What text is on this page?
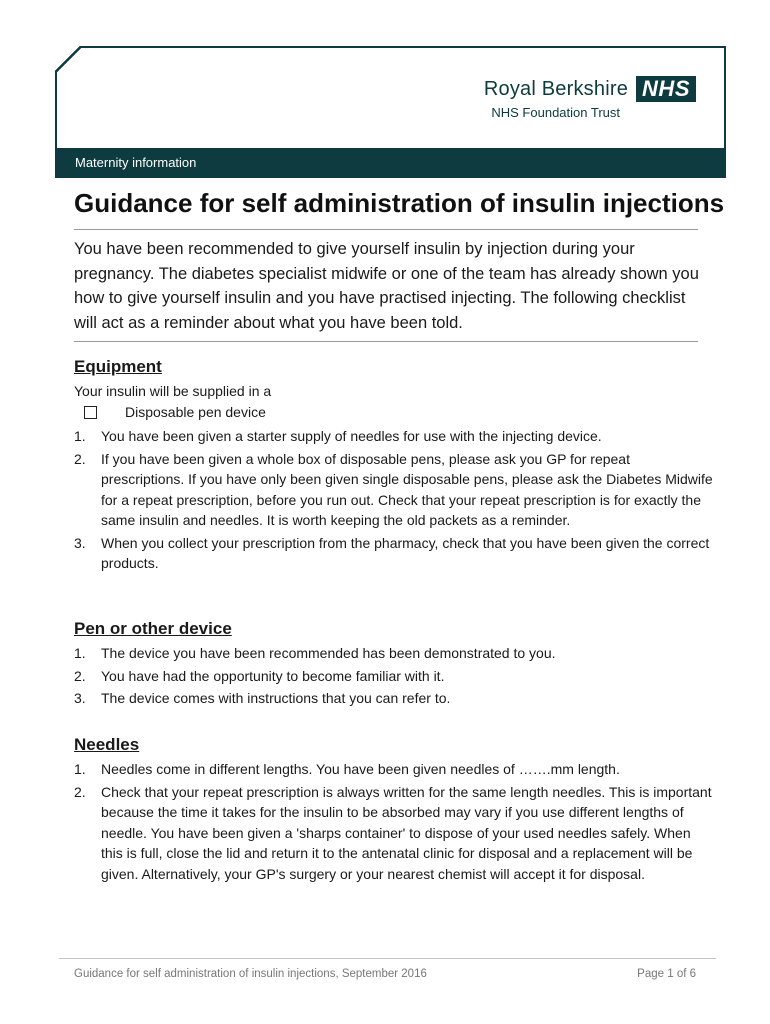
Royal Berkshire NHS
NHS Foundation Trust
Maternity information
Guidance for self administration of insulin injections

You have been recommended to give yourself insulin by injection during your pregnancy. The diabetes specialist midwife or one of the team has already shown you how to give yourself insulin and you have practised injecting. The following checklist will act as a reminder about what you have been told.

Equipment
Your insulin will be supplied in a
Disposable pen device
1.	You have been given a starter supply of needles for use with the injecting device.
2.	If you have been given a whole box of disposable pens, please ask you GP for repeat prescriptions. If you have only been given single disposable pens, please ask the Diabetes Midwife for a repeat prescription, before you run out. Check that your repeat prescription is for exactly the same insulin and needles. It is worth keeping the old packets as a reminder.
3.	When you collect your prescription from the pharmacy, check that you have been given the correct products.
Pen or other device
1.	The device you have been recommended has been demonstrated to you.
2.	You have had the opportunity to become familiar with it.
3.	The device comes with instructions that you can refer to.
Needles
1.	Needles come in different lengths. You have been given needles of …….mm length.
2.	Check that your repeat prescription is always written for the same length needles. This is important because the time it takes for the insulin to be absorbed may vary if you use different lengths of needle. You have been given a 'sharps container' to dispose of your used needles safely. When this is full, close the lid and return it to the antenatal clinic for disposal and a replacement will be given. Alternatively, your GP's surgery or your nearest chemist will accept it for disposal.
Guidance for self administration of insulin injections, September 2016	Page 1 of 6
